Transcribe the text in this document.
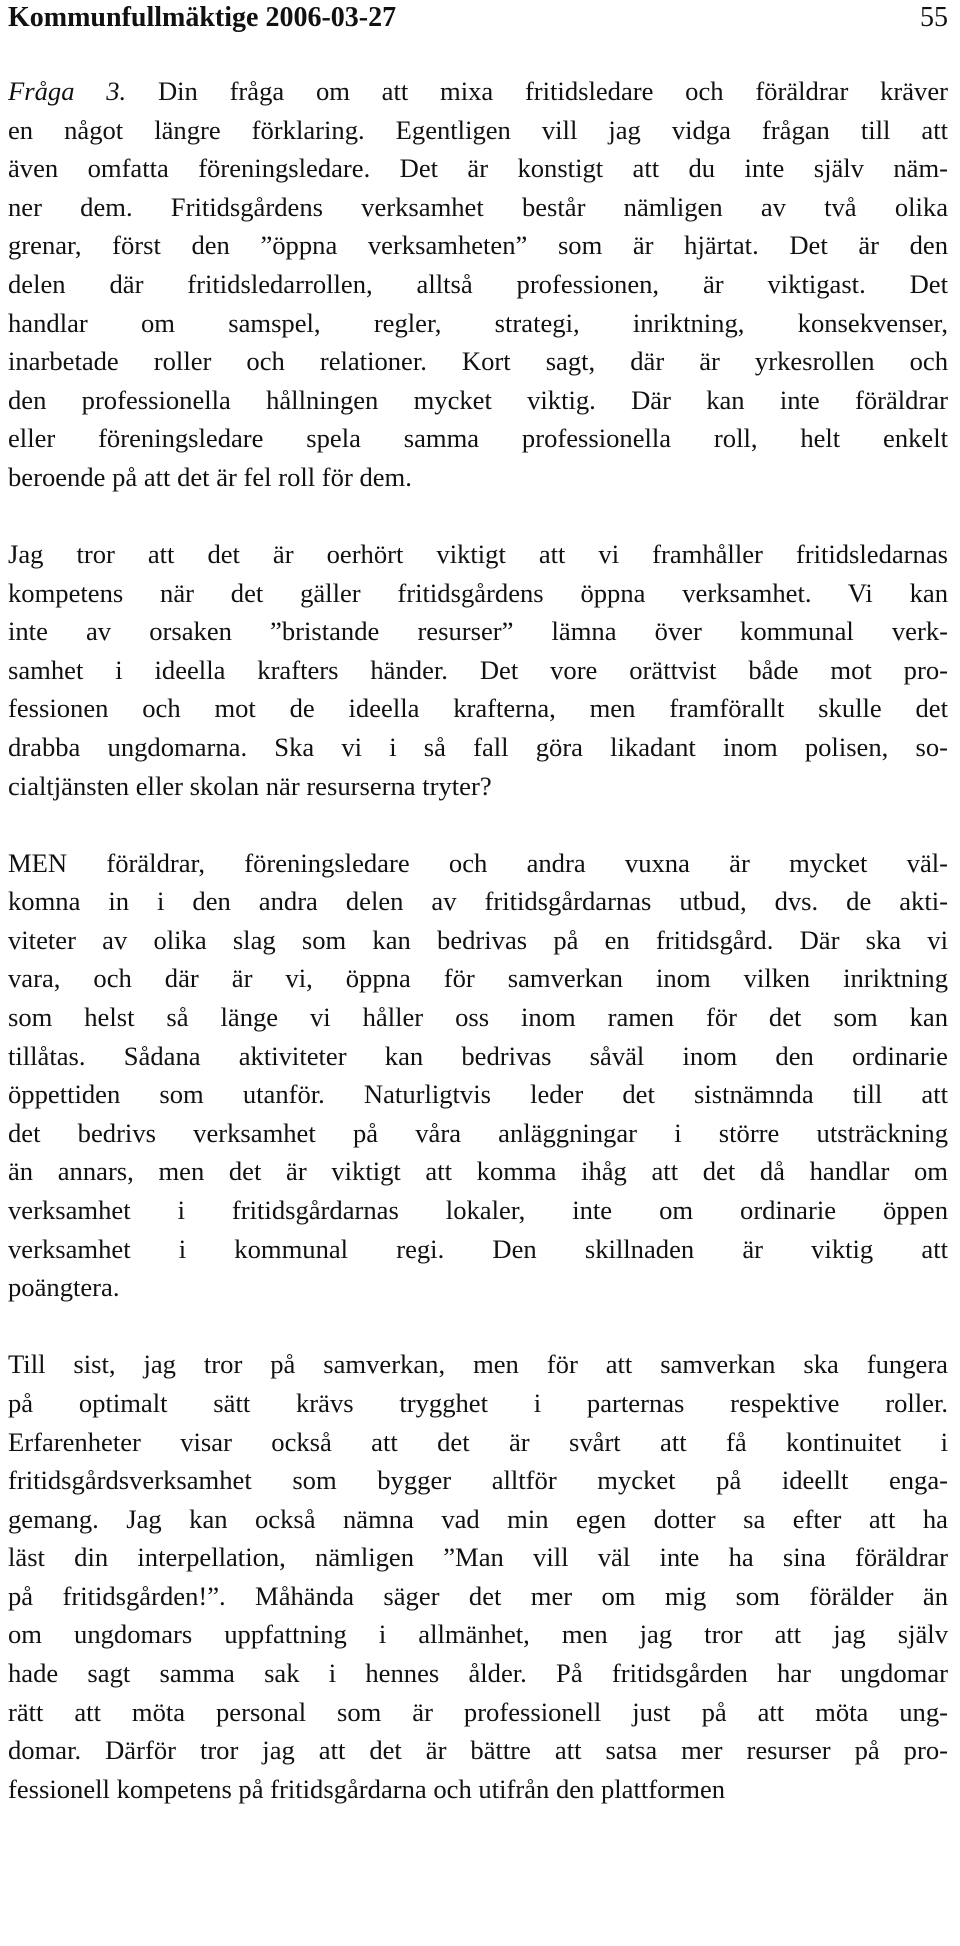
Kommunfullmäktige 2006-03-27	55
Fråga 3. Din fråga om att mixa fritidsledare och föräldrar kräver
en något längre förklaring. Egentligen vill jag vidga frågan till att
även omfatta föreningsledare. Det är konstigt att du inte själv näm-
ner dem. Fritidsgårdens verksamhet består nämligen av två olika
grenar, först den ”öppna verksamheten” som är hjärtat. Det är den
delen där fritidsledarrollen, alltså professionen, är viktigast. Det
handlar om samspel, regler, strategi, inriktning, konsekvenser,
inarbetade roller och relationer. Kort sagt, där är yrkesrollen och
den professionella hållningen mycket viktig. Där kan inte föräldrar
eller föreningsledare spela samma professionella roll, helt enkelt
beroende på att det är fel roll för dem.
Jag tror att det är oerhört viktigt att vi framhåller fritidsledarnas
kompetens när det gäller fritidsgårdens öppna verksamhet. Vi kan
inte av orsaken ”bristande resurser” lämna över kommunal verk-
samhet i ideella krafters händer. Det vore orättvist både mot pro-
fessionen och mot de ideella krafterna, men framförallt skulle det
drabba ungdomarna. Ska vi i så fall göra likadant inom polisen, so-
cialtjänsten eller skolan när resurserna tryter?
MEN föräldrar, föreningsledare och andra vuxna är mycket väl-
komna in i den andra delen av fritidsgårdarnas utbud, dvs. de akti-
viteter av olika slag som kan bedrivas på en fritidsgård. Där ska vi
vara, och där är vi, öppna för samverkan inom vilken inriktning
som helst så länge vi håller oss inom ramen för det som kan
tillåtas. Sådana aktiviteter kan bedrivas såväl inom den ordinarie
öppettiden som utanför. Naturligtvis leder det sistnämnda till att
det bedrivs verksamhet på våra anläggningar i större utsträckning
än annars, men det är viktigt att komma ihåg att det då handlar om
verksamhet i fritidsgårdarnas lokaler, inte om ordinarie öppen
verksamhet i kommunal regi. Den skillnaden är viktig att
poängtera.
Till sist, jag tror på samverkan, men för att samverkan ska fungera
på optimalt sätt krävs trygghet i parternas respektive roller.
Erfarenheter visar också att det är svårt att få kontinuitet i
fritidsgårdsverksamhet som bygger alltför mycket på ideellt enga-
gemang. Jag kan också nämna vad min egen dotter sa efter att ha
läst din interpellation, nämligen ”Man vill väl inte ha sina föräldrar
på fritidsgården!”. Måhända säger det mer om mig som förälder än
om ungdomars uppfattning i allmänhet, men jag tror att jag själv
hade sagt samma sak i hennes ålder. På fritidsgården har ungdomar
rätt att möta personal som är professionell just på att möta ung-
domar. Därför tror jag att det är bättre att satsa mer resurser på pro-
fessionell kompetens på fritidsgårdarna och utifrån den plattformen
